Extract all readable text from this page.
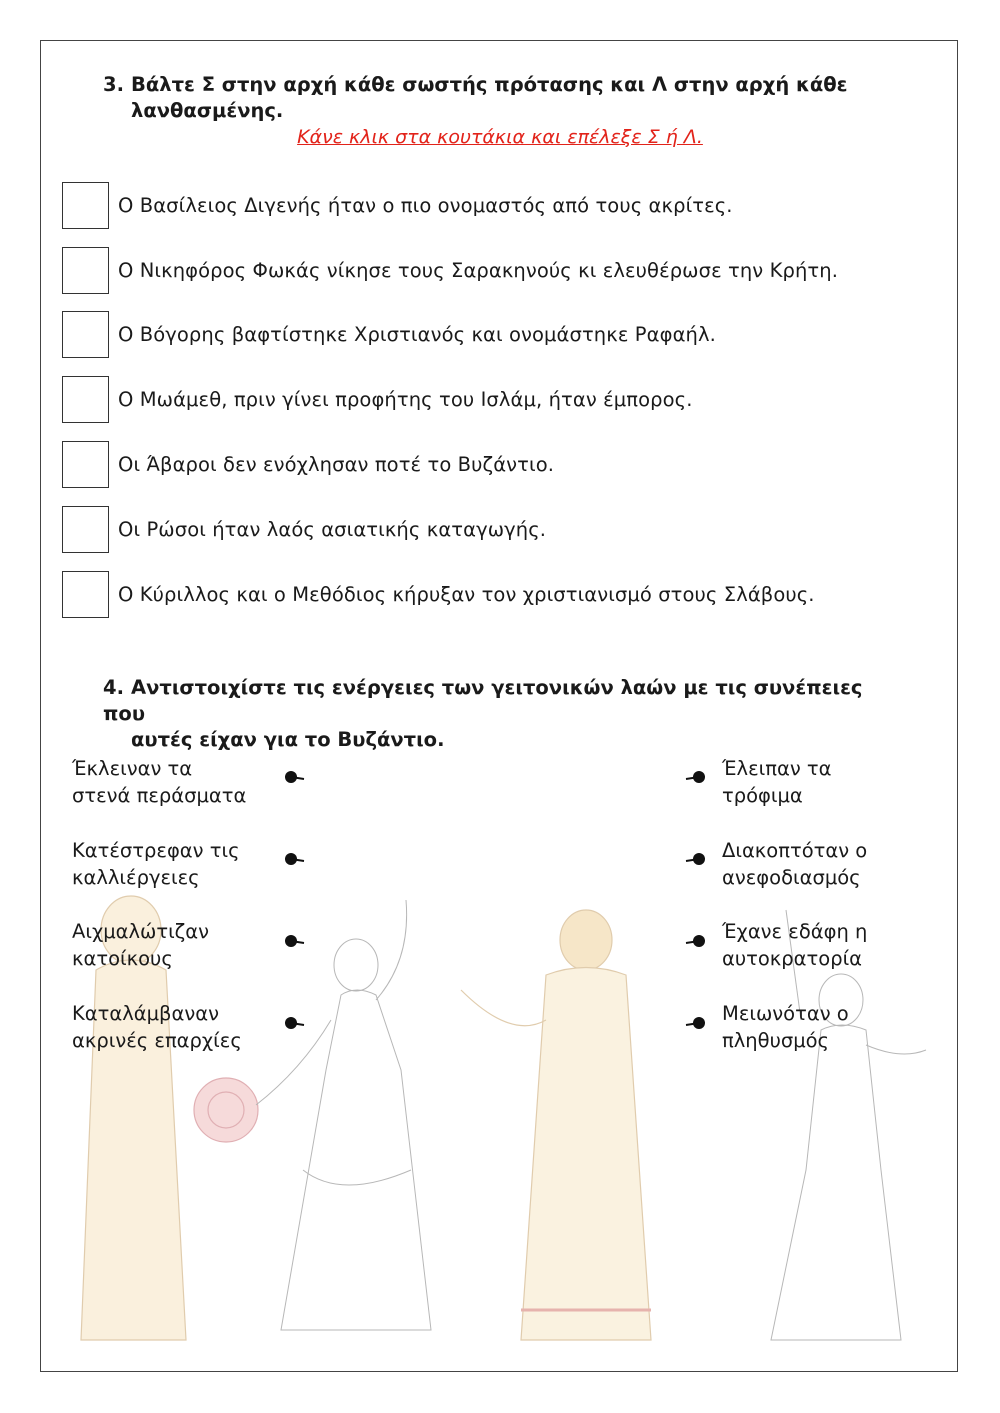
3. Βάλτε Σ στην αρχή κάθε σωστής πρότασης και Λ στην αρχή κάθε
λανθασμένης.
Κάνε κλικ στα κουτάκια και επέλεξε Σ ή Λ.
Ο Βασίλειος Διγενής ήταν ο πιο ονομαστός από τους ακρίτες.
Ο Νικηφόρος Φωκάς νίκησε τους Σαρακηνούς κι ελευθέρωσε την Κρήτη.
Ο Βόγορης βαφτίστηκε Χριστιανός και ονομάστηκε Ραφαήλ.
Ο Μωάμεθ, πριν γίνει προφήτης του Ισλάμ, ήταν έμπορος.
Οι Άβαροι δεν ενόχλησαν ποτέ το Βυζάντιο.
Οι Ρώσοι ήταν λαός ασιατικής καταγωγής.
Ο Κύριλλος και ο Μεθόδιος κήρυξαν τον χριστιανισμό στους Σλάβους.
4. Αντιστοιχίστε τις ενέργειες των γειτονικών λαών με τις συνέπειες που
αυτές είχαν για το Βυζάντιο.
Έκλειναν τα
στενά περάσματα
Κατέστρεφαν τις
καλλιέργειες
Αιχμαλώτιζαν
κατοίκους
Καταλάμβαναν
ακρινές επαρχίες
Έλειπαν τα
τρόφιμα
Διακοπτόταν ο
ανεφοδιασμός
Έχανε εδάφη η
αυτοκρατορία
Μειωνόταν ο
πληθυσμός
